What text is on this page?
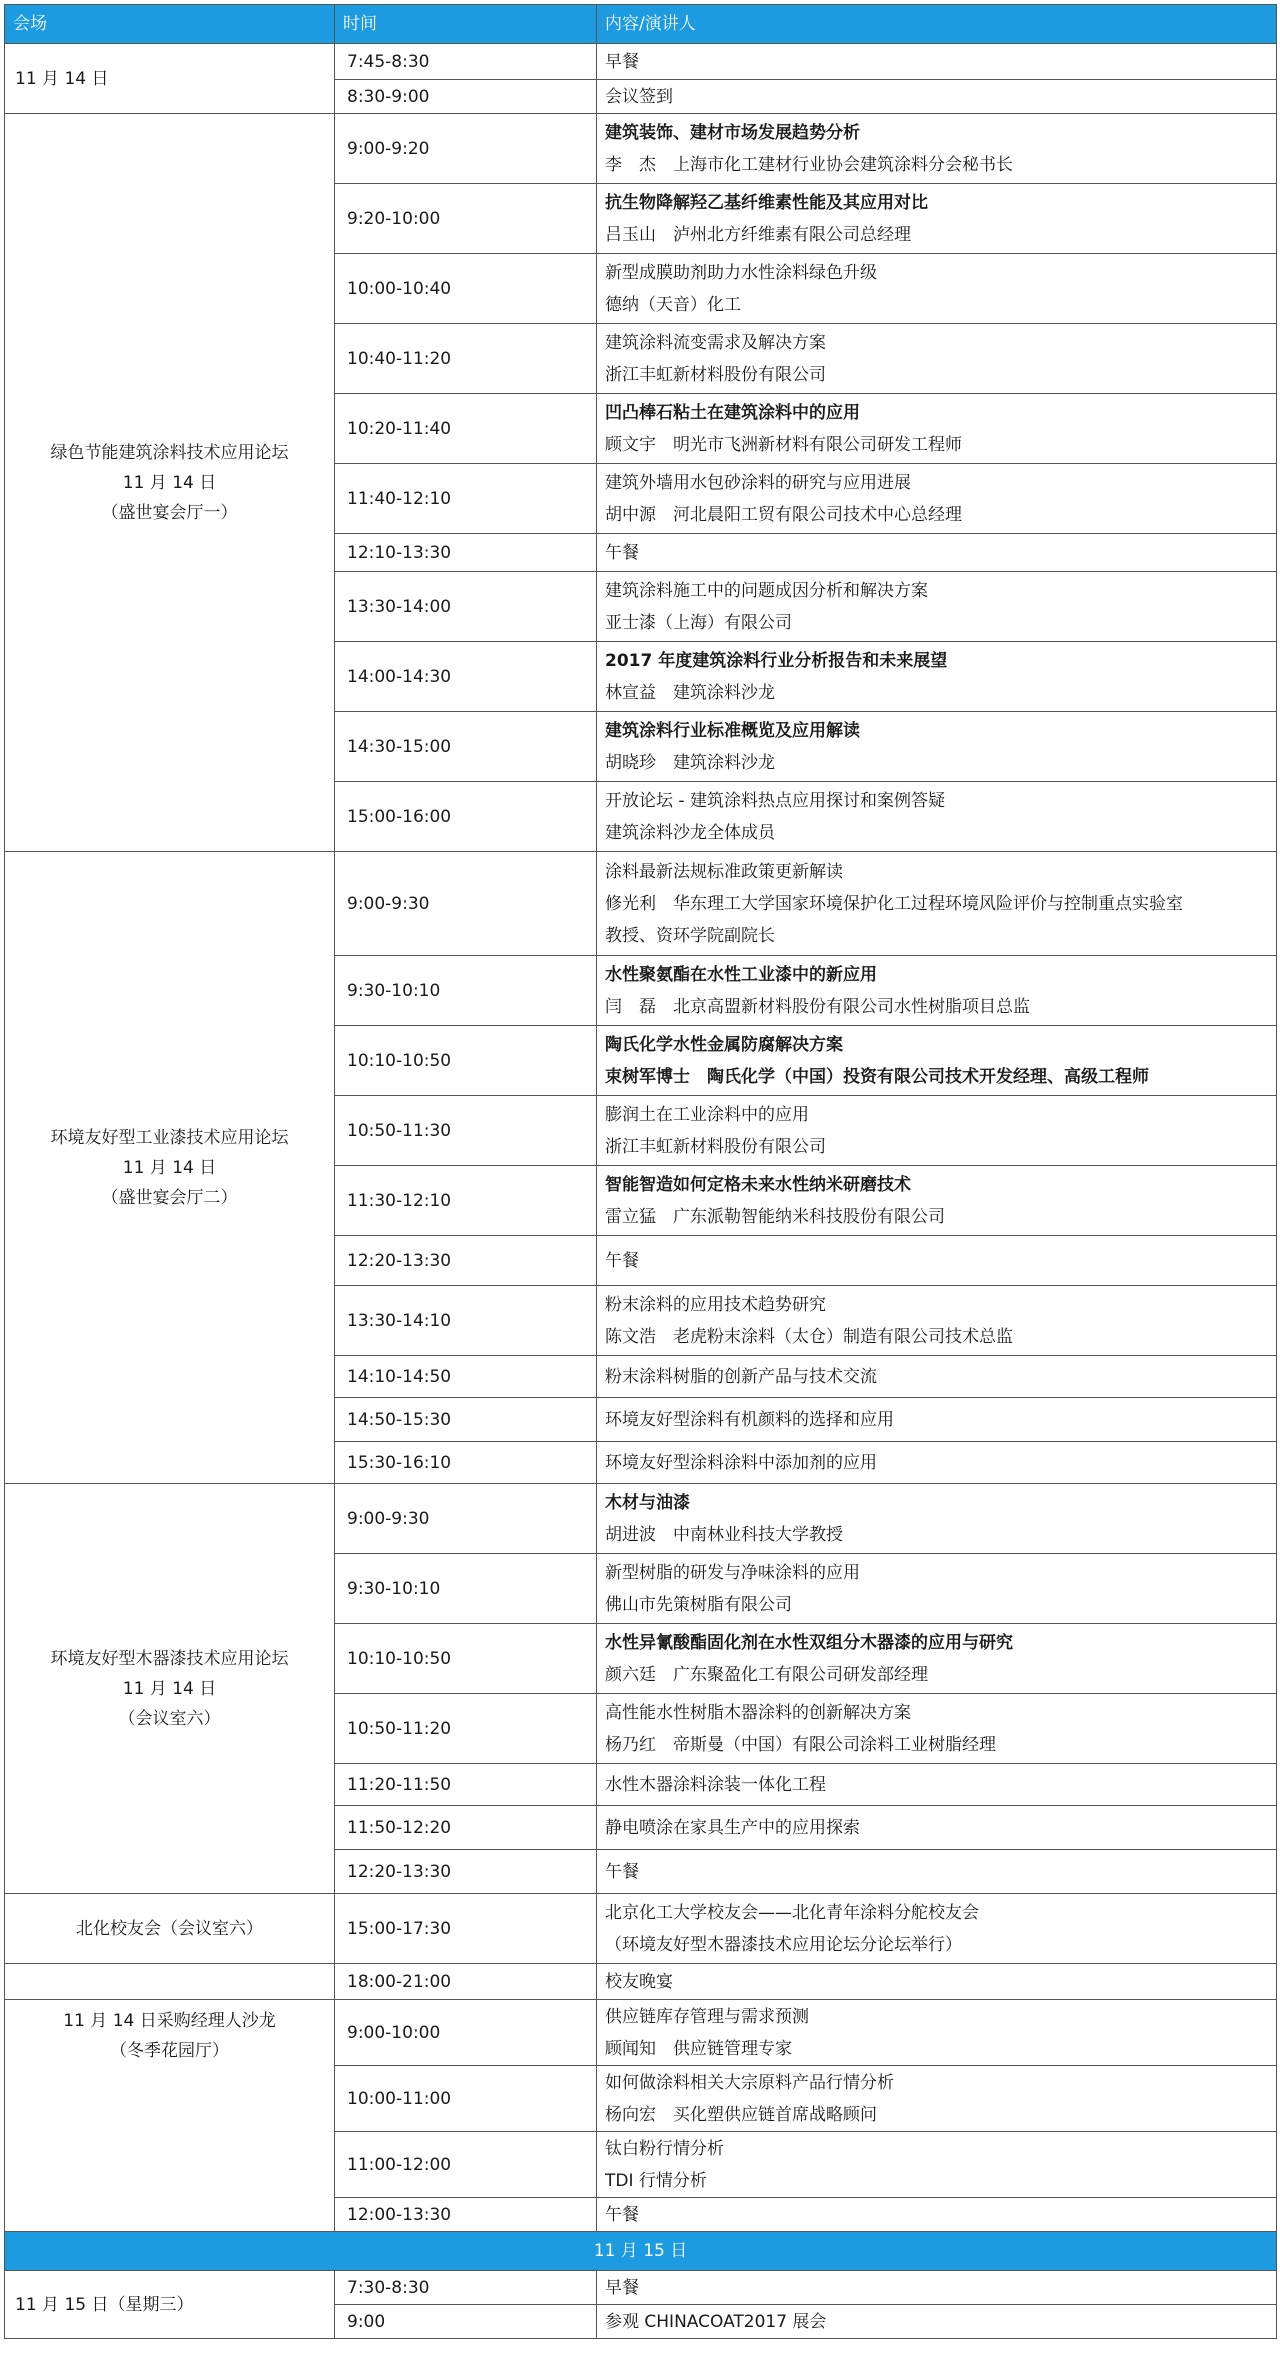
会场	时间	内容/演讲人
11 月 14 日	7:45-8:30	早餐

	8:30-9:00	会议签到

绿色节能建筑涂料技术应用论坛
11 月 14 日
（盛世宴会厅一）	9:00-9:20	建筑装饰、建材市场发展趋势分析
李　杰　上海市化工建材行业协会建筑涂料分会秘书长

	9:20-10:00	抗生物降解羟乙基纤维素性能及其应用对比
吕玉山　泸州北方纤维素有限公司总经理

	10:00-10:40	新型成膜助剂助力水性涂料绿色升级
德纳（天音）化工

	10:40-11:20	建筑涂料流变需求及解决方案
浙江丰虹新材料股份有限公司

	10:20-11:40	凹凸棒石粘土在建筑涂料中的应用
顾文宇　明光市飞洲新材料有限公司研发工程师

	11:40-12:10	建筑外墙用水包砂涂料的研究与应用进展
胡中源　河北晨阳工贸有限公司技术中心总经理

	12:10-13:30	午餐

	13:30-14:00	建筑涂料施工中的问题成因分析和解决方案
亚士漆（上海）有限公司

	14:00-14:30	2017 年度建筑涂料行业分析报告和未来展望
林宣益　建筑涂料沙龙

	14:30-15:00	建筑涂料行业标准概览及应用解读
胡晓珍　建筑涂料沙龙

	15:00-16:00	开放论坛 - 建筑涂料热点应用探讨和案例答疑
建筑涂料沙龙全体成员

环境友好型工业漆技术应用论坛
11 月 14 日
（盛世宴会厅二）	9:00-9:30	涂料最新法规标准政策更新解读
修光利　华东理工大学国家环境保护化工过程环境风险评价与控制重点实验室
教授、资环学院副院长

	9:30-10:10	水性聚氨酯在水性工业漆中的新应用
闫　磊　北京高盟新材料股份有限公司水性树脂项目总监

	10:10-10:50	陶氏化学水性金属防腐解决方案
束树军博士　陶氏化学（中国）投资有限公司技术开发经理、高级工程师

	10:50-11:30	膨润土在工业涂料中的应用
浙江丰虹新材料股份有限公司

	11:30-12:10	智能智造如何定格未来水性纳米研磨技术
雷立猛　广东派勒智能纳米科技股份有限公司

	12:20-13:30	午餐

	13:30-14:10	粉末涂料的应用技术趋势研究
陈文浩　老虎粉末涂料（太仓）制造有限公司技术总监

	14:10-14:50	粉末涂料树脂的创新产品与技术交流

	14:50-15:30	环境友好型涂料有机颜料的选择和应用

	15:30-16:10	环境友好型涂料涂料中添加剂的应用

环境友好型木器漆技术应用论坛
11 月 14 日
（会议室六）	9:00-9:30	木材与油漆
胡进波　中南林业科技大学教授

	9:30-10:10	新型树脂的研发与净味涂料的应用
佛山市先策树脂有限公司

	10:10-10:50	水性异氰酸酯固化剂在水性双组分木器漆的应用与研究
颜六廷　广东聚盈化工有限公司研发部经理

	10:50-11:20	高性能水性树脂木器涂料的创新解决方案
杨乃红　帝斯曼（中国）有限公司涂料工业树脂经理

	11:20-11:50	水性木器涂料涂装一体化工程

	11:50-12:20	静电喷涂在家具生产中的应用探索

	12:20-13:30	午餐

北化校友会（会议室六）	15:00-17:30	北京化工大学校友会——北化青年涂料分舵校友会
（环境友好型木器漆技术应用论坛分论坛举行）

	18:00-21:00	校友晚宴

11 月 14 日采购经理人沙龙
（冬季花园厅）	9:00-10:00	供应链库存管理与需求预测
顾闻知　供应链管理专家

	10:00-11:00	如何做涂料相关大宗原料产品行情分析
杨向宏　买化塑供应链首席战略顾问

	11:00-12:00	钛白粉行情分析
TDI 行情分析

	12:00-13:30	午餐

11 月 15 日		
11 月 15 日（星期三）	7:30-8:30	早餐

	9:00	参观 CHINACOAT2017 展会
